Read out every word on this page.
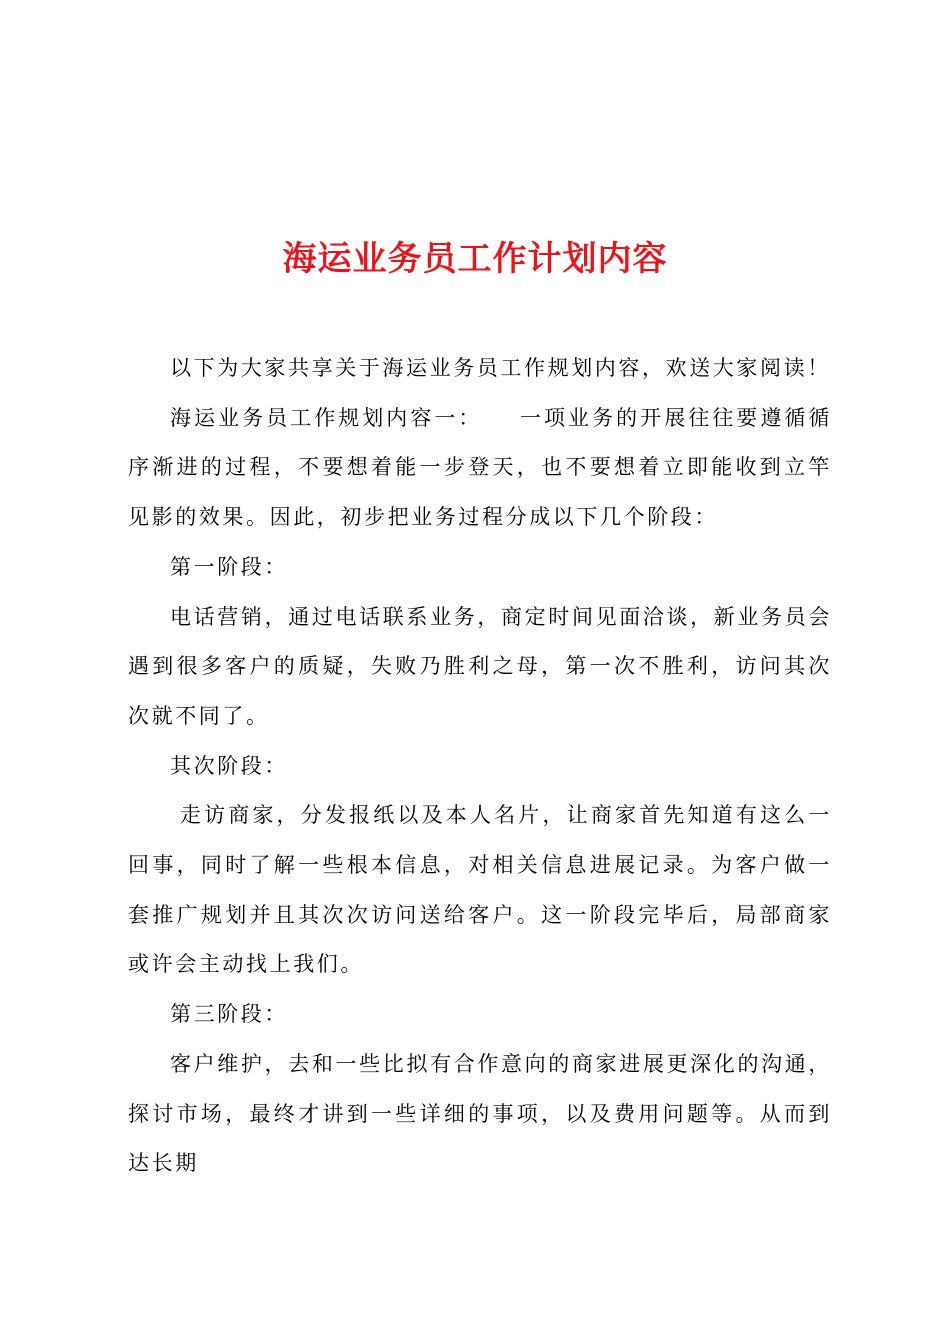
海运业务员工作计划内容

以下为大家共享关于海运业务员工作规划内容，欢送大家阅读！

海运业务员工作规划内容一：　　一项业务的开展往往要遵循循序渐进的过程，不要想着能一步登天，也不要想着立即能收到立竿见影的效果。因此，初步把业务过程分成以下几个阶段：

第一阶段：

电话营销，通过电话联系业务，商定时间见面洽谈，新业务员会遇到很多客户的质疑，失败乃胜利之母，第一次不胜利，访问其次次就不同了。

其次阶段：

走访商家，分发报纸以及本人名片，让商家首先知道有这么一回事，同时了解一些根本信息，对相关信息进展记录。为客户做一套推广规划并且其次次访问送给客户。这一阶段完毕后，局部商家或许会主动找上我们。

第三阶段：

客户维护，去和一些比拟有合作意向的商家进展更深化的沟通，探讨市场，最终才讲到一些详细的事项，以及费用问题等。从而到达长期
